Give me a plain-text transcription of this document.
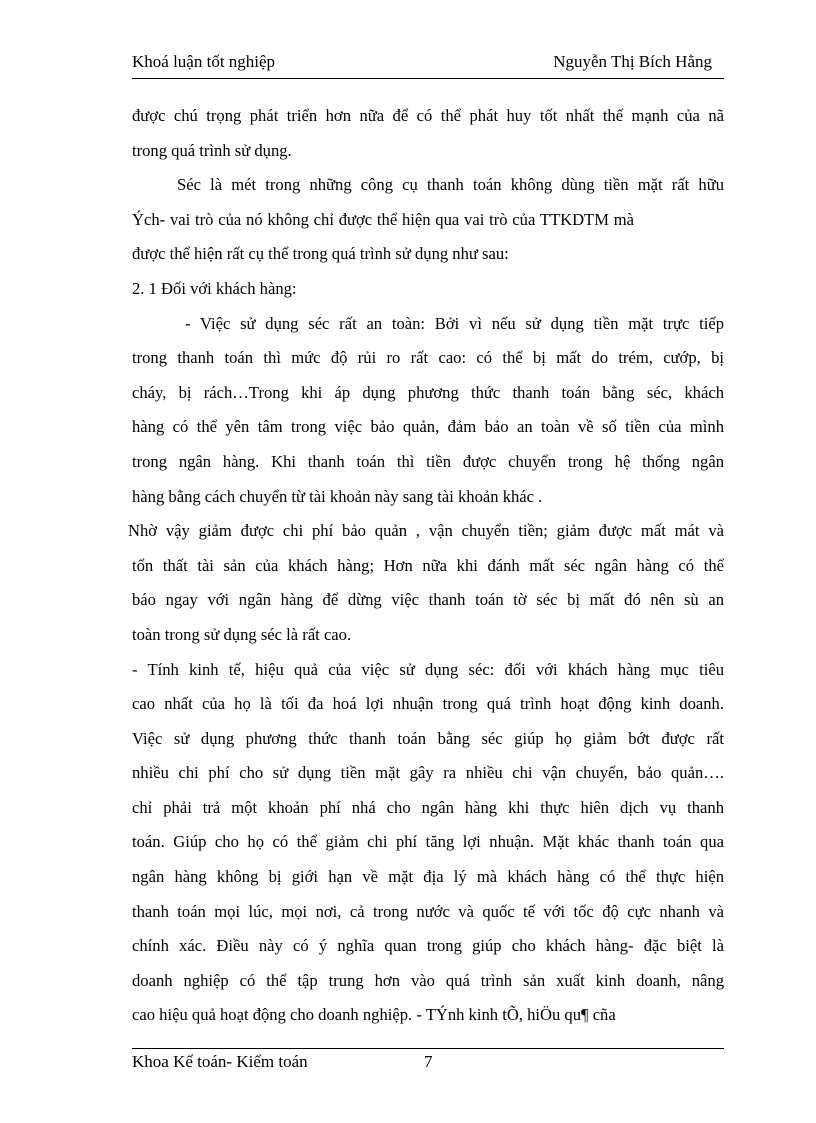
Khoá luận tốt nghiệp	Nguyễn Thị Bích Hằng
được chú trọng phát triển hơn nữa để có thể phát huy tốt nhất thế mạnh của nã
trong quá trình sử dụng.
Séc là mét trong những công cụ thanh toán không dùng tiền mặt rất hữu
Ých- vai trò của nó không chỉ được thể hiện qua vai trò của TTKDTM mà
được thể hiện rất cụ thể trong quá trình sử dụng như sau:
2. 1 Đối với khách hàng:
- Việc sử dụng séc rất an toàn: Bởi vì nếu sử dụng tiền mặt trực tiếp
trong thanh toán thì mức độ rủi ro rất cao: có thể bị mất do trém, cướp, bị
cháy, bị rách…Trong khi áp dụng phương thức thanh toán bằng séc, khách
hàng có thể yên tâm trong việc bảo quản, đảm bảo an toàn về số tiền của mình
trong ngân hàng. Khi thanh toán thì tiền được chuyển trong hệ thống ngân
hàng bằng cách chuyển từ tài khoản này sang tài khoản khác .
Nhờ vậy giảm được chi phí bảo quản , vận chuyển tiền; giảm được mất mát và
tổn thất tài sản của khách hàng; Hơn nữa khi đánh mất séc ngân hàng có thể
báo ngay với ngân hàng để dừng việc thanh toán tờ séc bị mất đó nên sù an
toàn trong sử dụng séc là rất cao.
- Tính kinh tế, hiệu quả của việc sử dụng séc: đối với khách hàng mục tiêu
cao nhất của họ là tối đa hoá lợi nhuận trong quá trình hoạt động kinh doanh.
Việc sử dụng phương thức thanh toán bằng séc giúp họ giảm bớt được rất
nhiều chi phí cho sử dụng tiền mặt gây ra nhiều chi vận chuyển, bảo quản….
chỉ phải trả một khoản phí nhá cho ngân hàng khi thực hiên dịch vụ thanh
toán. Giúp cho họ có thể giảm chi phí tăng lợi nhuận. Mặt khác thanh toán qua
ngân hàng không bị giới hạn về mặt địa lý mà khách hàng có thể thực hiện
thanh toán mọi lúc, mọi nơi, cả trong nước và quốc tế với tốc độ cực nhanh và
chính xác. Điều này có ý nghĩa quan trong giúp cho khách hàng- đặc biệt là
doanh nghiệp có thể tập trung hơn vào quá trình sản xuất kinh doanh, nâng
cao hiệu quả hoạt động cho doanh nghiệp. - TÝnh kinh tÕ, hiÖu qu¶ cña
Khoa Kế toán- Kiểm toán	7
